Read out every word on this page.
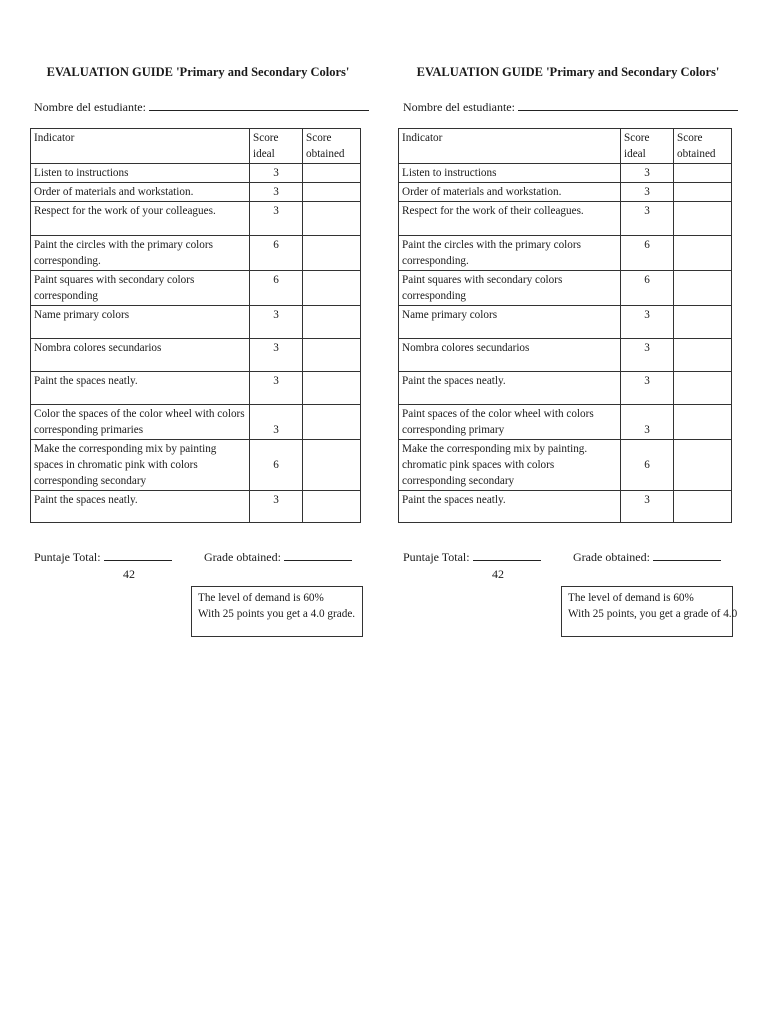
EVALUATION GUIDE 'Primary and Secondary Colors'
Nombre del estudiante:
Indicator	Score ideal	Score obtained
Listen to instructions	3	
Order of materials and workstation.	3	
Respect for the work of your colleagues.	3	
Paint the circles with the primary colors corresponding.	6	
Paint squares with secondary colors corresponding	6	
Name primary colors	3	
Nombra colores secundarios	3	
Paint the spaces neatly.	3	
Color the spaces of the color wheel with colors corresponding primaries	3	
Make the corresponding mix by painting spaces in chromatic pink with colors corresponding secondary	6	
Paint the spaces neatly.	3	
Puntaje Total:	Grade obtained:
42
The level of demand is 60%
With 25 points you get a 4.0 grade.
EVALUATION GUIDE 'Primary and Secondary Colors'
Nombre del estudiante:
Indicator	Score ideal	Score obtained
Listen to instructions	3	
Order of materials and workstation.	3	
Respect for the work of their colleagues.	3	
Paint the circles with the primary colors corresponding.	6	
Paint squares with secondary colors corresponding	6	
Name primary colors	3	
Nombra colores secundarios	3	
Paint the spaces neatly.	3	
Paint spaces of the color wheel with colors corresponding primary	3	
Make the corresponding mix by painting. chromatic pink spaces with colors corresponding secondary	6	
Paint the spaces neatly.	3	
Puntaje Total:	Grade obtained:
42
The level of demand is 60%
With 25 points, you get a grade of 4.0
